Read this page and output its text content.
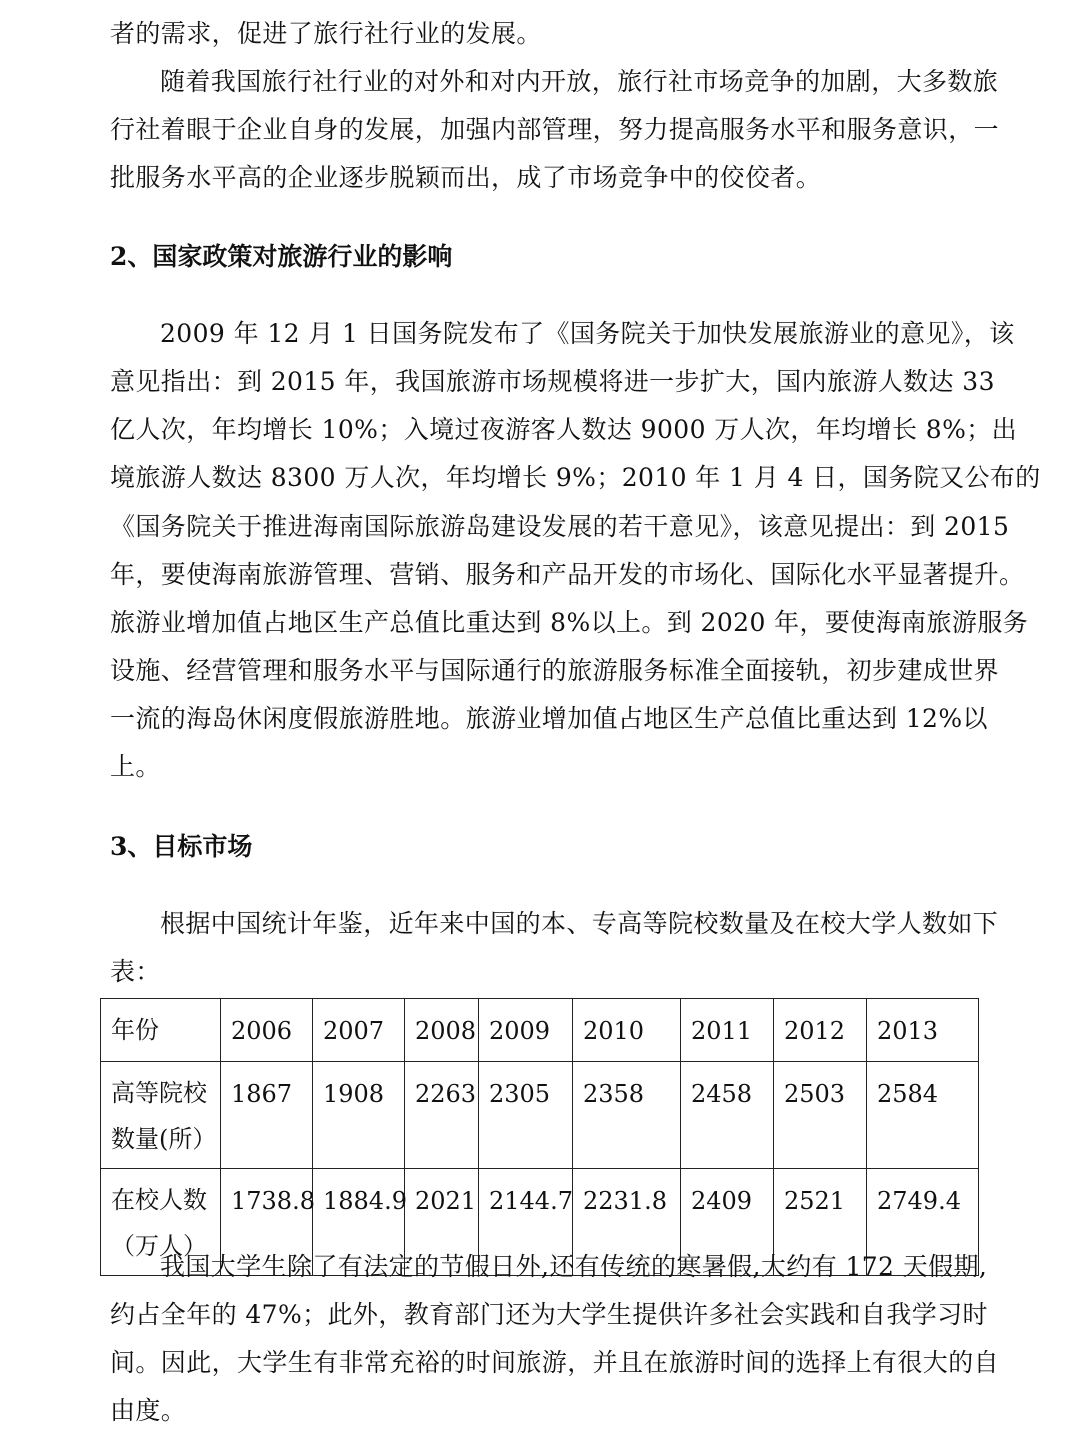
者的需求，促进了旅行社行业的发展。
随着我国旅行社行业的对外和对内开放，旅行社市场竞争的加剧，大多数旅
行社着眼于企业自身的发展，加强内部管理，努力提高服务水平和服务意识，一
批服务水平高的企业逐步脱颖而出，成了市场竞争中的佼佼者。
2、国家政策对旅游行业的影响
2009 年 12 月 1 日国务院发布了《国务院关于加快发展旅游业的意见》，该
意见指出：到 2015 年，我国旅游市场规模将进一步扩大，国内旅游人数达 33
亿人次，年均增长 10%；入境过夜游客人数达 9000 万人次，年均增长 8%；出
境旅游人数达 8300 万人次，年均增长 9%；2010 年 1 月 4 日，国务院又公布的
《国务院关于推进海南国际旅游岛建设发展的若干意见》，该意见提出：到 2015
年，要使海南旅游管理、营销、服务和产品开发的市场化、国际化水平显著提升。
旅游业增加值占地区生产总值比重达到 8%以上。到 2020 年，要使海南旅游服务
设施、经营管理和服务水平与国际通行的旅游服务标准全面接轨，初步建成世界
一流的海岛休闲度假旅游胜地。旅游业增加值占地区生产总值比重达到 12%以
上。
3、目标市场
根据中国统计年鉴，近年来中国的本、专高等院校数量及在校大学人数如下
表：
年份	2006	2007	2008	2009	2010	2011	2012	2013

高等院校
数量(所）	1867	1908	2263	2305	2358	2458	2503	2584

在校人数
（万人）	1738.8	1884.9	2021	2144.7	2231.8	2409	2521	2749.4
我国大学生除了有法定的节假日外,还有传统的寒暑假,大约有 172 天假期,
约占全年的 47%；此外，教育部门还为大学生提供许多社会实践和自我学习时
间。因此，大学生有非常充裕的时间旅游，并且在旅游时间的选择上有很大的自
由度。
